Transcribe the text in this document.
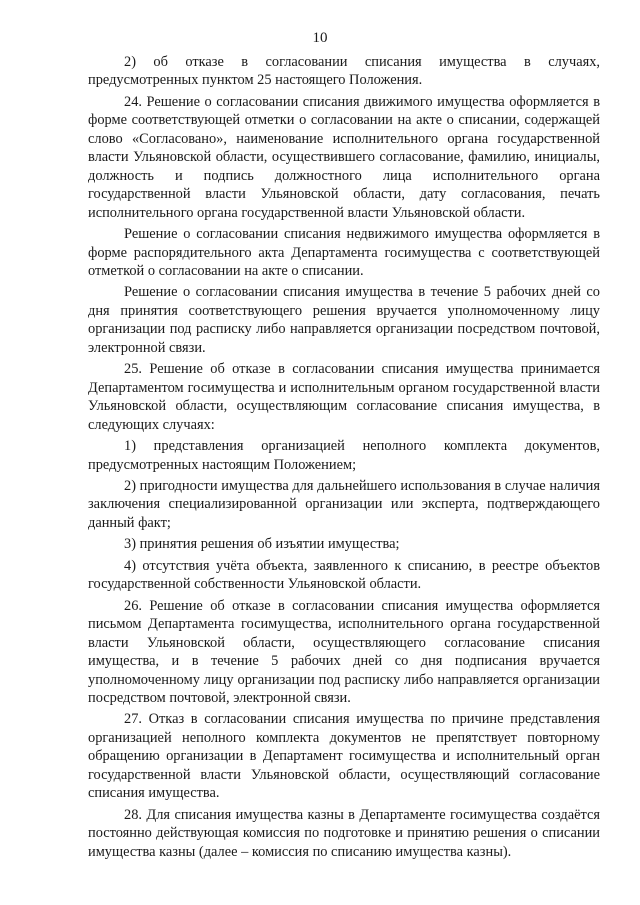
10

2) об отказе в согласовании списания имущества в случаях, предусмотренных пунктом 25 настоящего Положения.

24. Решение о согласовании списания движимого имущества оформляется в форме соответствующей отметки о согласовании на акте о списании, содержащей слово «Согласовано», наименование исполнительного органа государственной власти Ульяновской области, осуществившего согласование, фамилию, инициалы, должность и подпись должностного лица исполнительного органа государственной власти Ульяновской области, дату согласования, печать исполнительного органа государственной власти Ульяновской области.

Решение о согласовании списания недвижимого имущества оформляется в форме распорядительного акта Департамента госимущества с соответствующей отметкой о согласовании на акте о списании.

Решение о согласовании списания имущества в течение 5 рабочих дней со дня принятия соответствующего решения вручается уполномоченному лицу организации под расписку либо направляется организации посредством почтовой, электронной связи.

25. Решение об отказе в согласовании списания имущества принимается Департаментом госимущества и исполнительным органом государственной власти Ульяновской области, осуществляющим согласование списания имущества, в следующих случаях:

1) представления организацией неполного комплекта документов, предусмотренных настоящим Положением;

2) пригодности имущества для дальнейшего использования в случае наличия заключения специализированной организации или эксперта, подтверждающего данный факт;

3) принятия решения об изъятии имущества;

4) отсутствия учёта объекта, заявленного к списанию, в реестре объектов государственной собственности Ульяновской области.

26. Решение об отказе в согласовании списания имущества оформляется письмом Департамента госимущества, исполнительного органа государственной власти Ульяновской области, осуществляющего согласование списания имущества, и в течение 5 рабочих дней со дня подписания вручается уполномоченному лицу организации под расписку либо направляется организации посредством почтовой, электронной связи.

27. Отказ в согласовании списания имущества по причине представления организацией неполного комплекта документов не препятствует повторному обращению организации в Департамент госимущества и исполнительный орган государственной власти Ульяновской области, осуществляющий согласование списания имущества.

28. Для списания имущества казны в Департаменте госимущества создаётся постоянно действующая комиссия по подготовке и принятию решения о списании имущества казны (далее – комиссия по списанию имущества казны).
